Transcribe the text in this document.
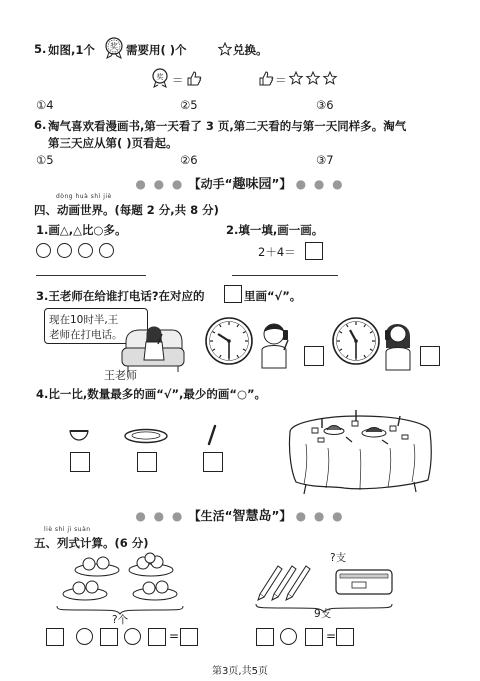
5. 如图,1个 奖 需要用( )个	兑换。
奖 ＝	＝
①4	②5	③6
6. 淘气喜欢看漫画书,第一天看了 3 页,第二天看的与第一天同样多。淘气
第三天应从第( )页看起。
①5	②6	③7
● ● ● 【动手“趣味园”】 ● ● ●
dòng huà shì jiè
四、动画世界。(每题 2 分,共 8 分)
1.画△,△比○多。	2.填一填,画一画。
2＋4＝
3.王老师在给谁打电话?在对应的	里画“√”。
现在10时半,王
老师在打电话。
王老师
4.比一比,数量最多的画“√”,最少的画“○”。
● ● ● 【生活“智慧岛”】 ● ● ●
liè shì jì suàn
五、列式计算。(6 分)
?个
?支
9支
=	=
第3页,共5页
